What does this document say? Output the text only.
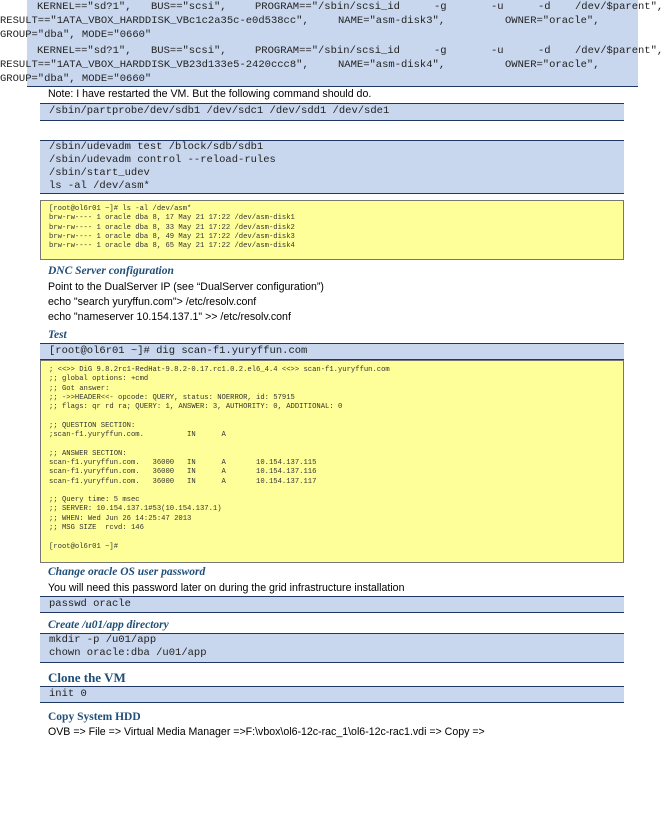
KERNEL=="sd?1", BUS=="scsi",	PROGRAM=="/sbin/scsi_id	-g	-u	-d /dev/$parent",
RESULT=="1ATA_VBOX_HARDDISK_VBc1c2a35c-e0d538cc",	NAME="asm-disk3",	OWNER="oracle",
GROUP="dba", MODE="0660"
KERNEL=="sd?1", BUS=="scsi",	PROGRAM=="/sbin/scsi_id	-g	-u	-d /dev/$parent",
RESULT=="1ATA_VBOX_HARDDISK_VB23d133e5-2420ccc8",	NAME="asm-disk4",	OWNER="oracle",
GROUP="dba", MODE="0660"
Note: I have restarted the VM. But the following command should do.
/sbin/partprobe/dev/sdb1 /dev/sdc1 /dev/sdd1 /dev/sde1
/sbin/udevadm test /block/sdb/sdb1
/sbin/udevadm control --reload-rules
/sbin/start_udev
ls -al /dev/asm*
[root@ol6r01 ~]# ls -al /dev/asm*
brw-rw---- 1 oracle dba 8, 17 May 21 17:22 /dev/asm-disk1
brw-rw---- 1 oracle dba 8, 33 May 21 17:22 /dev/asm-disk2
brw-rw---- 1 oracle dba 8, 49 May 21 17:22 /dev/asm-disk3
brw-rw---- 1 oracle dba 8, 65 May 21 17:22 /dev/asm-disk4
DNC Server configuration
Point to the DualServer IP (see “DualServer configuration”)
echo "search yuryffun.com"> /etc/resolv.conf
echo "nameserver 10.154.137.1" >> /etc/resolv.conf
Test
[root@ol6r01 ~]# dig scan-f1.yuryffun.com
; <<>> DiG 9.8.2rc1-RedHat-9.8.2-0.17.rc1.0.2.el6_4.4 <<>> scan-f1.yuryffun.com
;; global options: +cmd
;; Got answer:
;; ->>HEADER<<- opcode: QUERY, status: NOERROR, id: 57915
;; flags: qr rd ra; QUERY: 1, ANSWER: 3, AUTHORITY: 0, ADDITIONAL: 0
;; QUESTION SECTION:
;scan-f1.yuryffun.com.          IN      A
;; ANSWER SECTION:
scan-f1.yuryffun.com.   36000   IN      A       10.154.137.115
scan-f1.yuryffun.com.   36000   IN      A       10.154.137.116
scan-f1.yuryffun.com.   36000   IN      A       10.154.137.117
;; Query time: 5 msec
;; SERVER: 10.154.137.1#53(10.154.137.1)
;; WHEN: Wed Jun 26 14:25:47 2013
;; MSG SIZE  rcvd: 146
[root@ol6r01 ~]#
Change oracle OS user password
You will need this password later on during the grid infrastructure installation
passwd oracle
Create /u01/app directory
mkdir -p /u01/app
chown oracle:dba /u01/app
Clone the VM
init 0
Copy System HDD
OVB => File => Virtual Media Manager =>F:\vbox\ol6-12c-rac_1\ol6-12c-rac1.vdi => Copy =>
